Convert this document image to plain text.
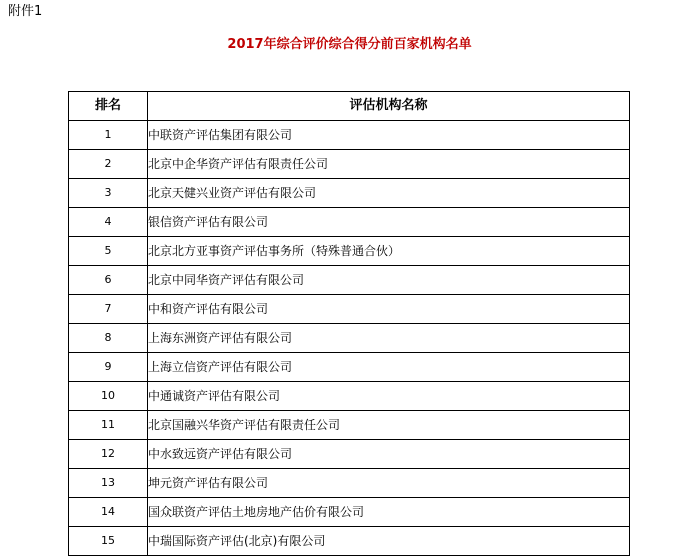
附件1
2017年综合评价综合得分前百家机构名单
排名	评估机构名称
1	中联资产评估集团有限公司
2	北京中企华资产评估有限责任公司
3	北京天健兴业资产评估有限公司
4	银信资产评估有限公司
5	北京北方亚事资产评估事务所（特殊普通合伙）
6	北京中同华资产评估有限公司
7	中和资产评估有限公司
8	上海东洲资产评估有限公司
9	上海立信资产评估有限公司
10	中通诚资产评估有限公司
11	北京国融兴华资产评估有限责任公司
12	中水致远资产评估有限公司
13	坤元资产评估有限公司
14	国众联资产评估土地房地产估价有限公司
15	中瑞国际资产评估(北京)有限公司
